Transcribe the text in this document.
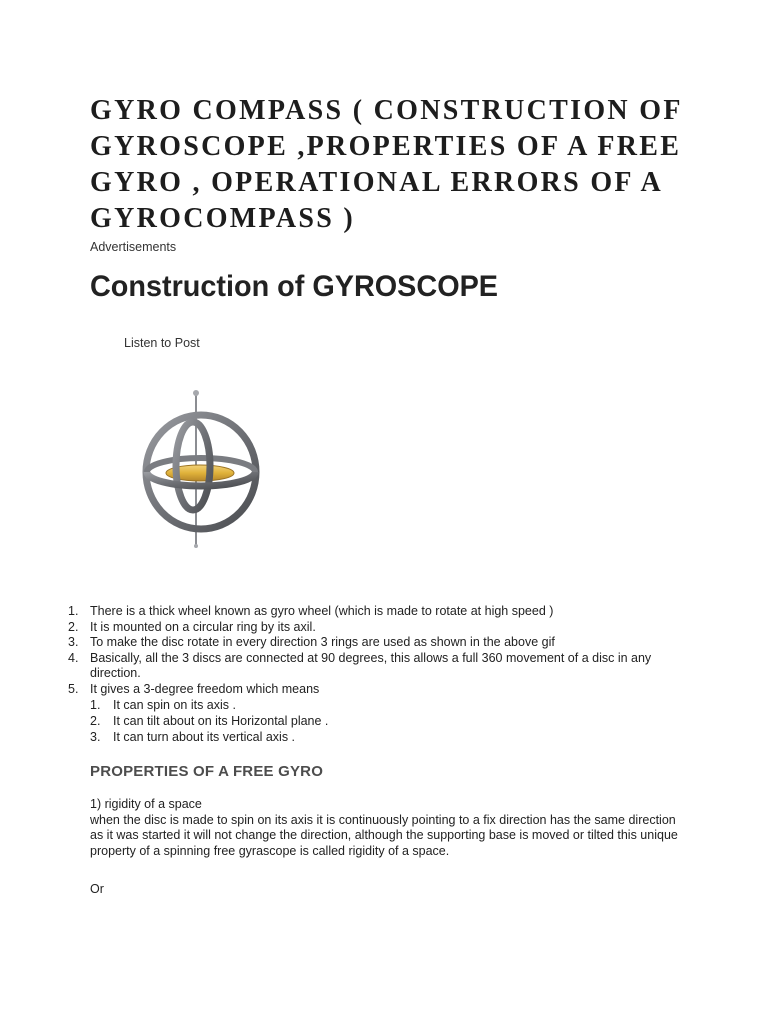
GYRO COMPASS ( CONSTRUCTION OF GYROSCOPE ,PROPERTIES OF A FREE GYRO , OPERATIONAL ERRORS OF A GYROCOMPASS )
Advertisements
Construction of GYROSCOPE
Listen to Post
1. There is a thick wheel known as gyro wheel (which is made to rotate at high speed )
2. It is mounted on a circular ring by its axil.
3. To make the disc rotate in every direction 3 rings are used as shown in the above gif
4. Basically, all the 3 discs are connected at 90 degrees, this allows a full 360 movement of a disc in any direction.
5. It gives a 3-degree freedom which means
1. It can spin on its axis .
2. It can tilt about on its Horizontal plane .
3. It can turn about its vertical axis .
PROPERTIES OF A FREE GYRO

1) rigidity of a space

when the disc is made to spin on its axis it is continuously pointing to a fix direction has the same direction as it was started it will not change the direction, although the supporting base is moved or tilted this unique property of a spinning free gyrascope is called rigidity of a space.

Or
